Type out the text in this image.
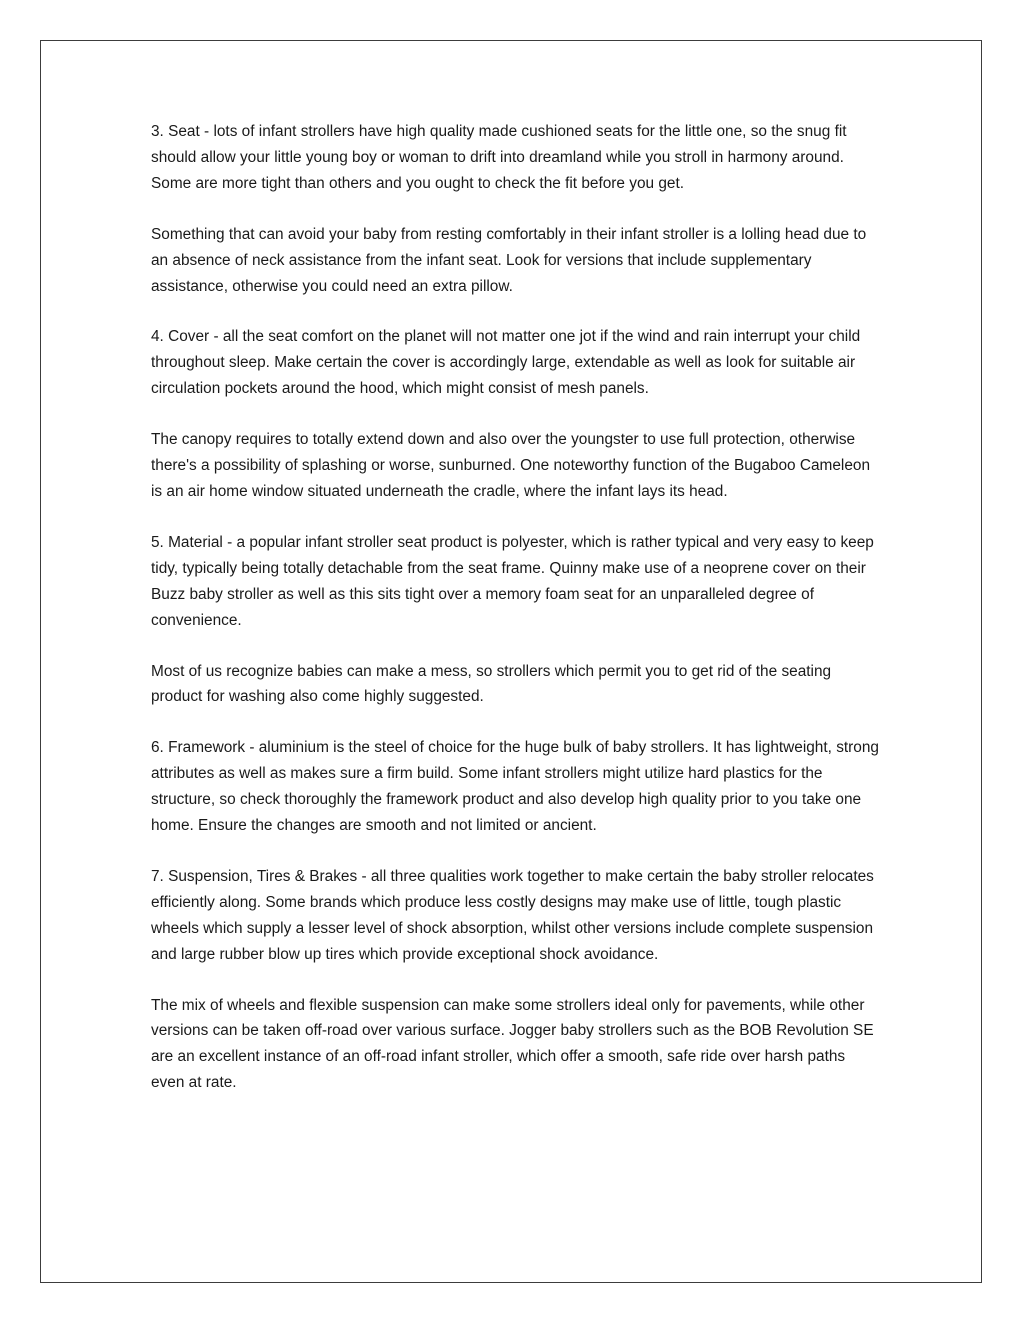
3. Seat - lots of infant strollers have high quality made cushioned seats for the little one, so the snug fit should allow your little young boy or woman to drift into dreamland while you stroll in harmony around. Some are more tight than others and you ought to check the fit before you get.

Something that can avoid your baby from resting comfortably in their infant stroller is a lolling head due to an absence of neck assistance from the infant seat. Look for versions that include supplementary assistance, otherwise you could need an extra pillow.

4. Cover - all the seat comfort on the planet will not matter one jot if the wind and rain interrupt your child throughout sleep. Make certain the cover is accordingly large, extendable as well as look for suitable air circulation pockets around the hood, which might consist of mesh panels.

The canopy requires to totally extend down and also over the youngster to use full protection, otherwise there's a possibility of splashing or worse, sunburned. One noteworthy function of the Bugaboo Cameleon is an air home window situated underneath the cradle, where the infant lays its head.

5. Material - a popular infant stroller seat product is polyester, which is rather typical and very easy to keep tidy, typically being totally detachable from the seat frame. Quinny make use of a neoprene cover on their Buzz baby stroller as well as this sits tight over a memory foam seat for an unparalleled degree of convenience.

Most of us recognize babies can make a mess, so strollers which permit you to get rid of the seating product for washing also come highly suggested.

6. Framework - aluminium is the steel of choice for the huge bulk of baby strollers. It has lightweight, strong attributes as well as makes sure a firm build. Some infant strollers might utilize hard plastics for the structure, so check thoroughly the framework product and also develop high quality prior to you take one home. Ensure the changes are smooth and not limited or ancient.

7. Suspension, Tires & Brakes - all three qualities work together to make certain the baby stroller relocates efficiently along. Some brands which produce less costly designs may make use of little, tough plastic wheels which supply a lesser level of shock absorption, whilst other versions include complete suspension and large rubber blow up tires which provide exceptional shock avoidance.

The mix of wheels and flexible suspension can make some strollers ideal only for pavements, while other versions can be taken off-road over various surface. Jogger baby strollers such as the BOB Revolution SE are an excellent instance of an off-road infant stroller, which offer a smooth, safe ride over harsh paths even at rate.
